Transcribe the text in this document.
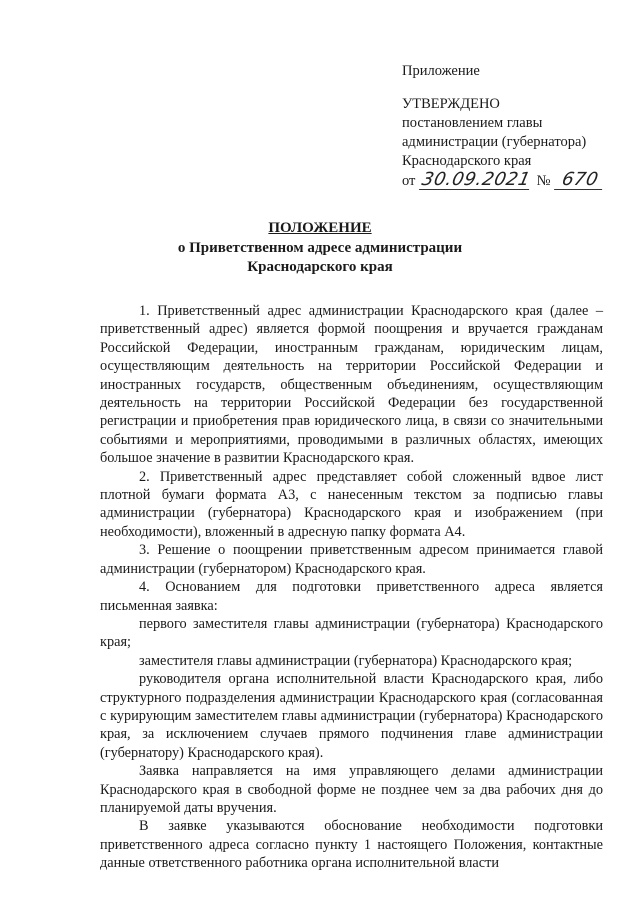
Приложение
УТВЕРЖДЕНО
постановлением главы
администрации (губернатора)
Краснодарского края
от 30.09.2021 № 670
ПОЛОЖЕНИЕ
о Приветственном адресе администрации
Краснодарского края

1. Приветственный адрес администрации Краснодарского края (далее – приветственный адрес) является формой поощрения и вручается гражданам Российской Федерации, иностранным гражданам, юридическим лицам, осуществляющим деятельность на территории Российской Федерации и иностранных государств, общественным объединениям, осуществляющим деятельность на территории Российской Федерации без государственной регистрации и приобретения прав юридического лица, в связи со значительными событиями и мероприятиями, проводимыми в различных областях, имеющих большое значение в развитии Краснодарского края.

2. Приветственный адрес представляет собой сложенный вдвое лист плотной бумаги формата А3, с нанесенным текстом за подписью главы администрации (губернатора) Краснодарского края и изображением (при необходимости), вложенный в адресную папку формата А4.

3. Решение о поощрении приветственным адресом принимается главой администрации (губернатором) Краснодарского края.

4. Основанием для подготовки приветственного адреса является письменная заявка:

первого заместителя главы администрации (губернатора) Краснодарского края;

заместителя главы администрации (губернатора) Краснодарского края;

руководителя органа исполнительной власти Краснодарского края, либо структурного подразделения администрации Краснодарского края (согласованная с курирующим заместителем главы администрации (губернатора) Краснодарского края, за исключением случаев прямого подчинения главе администрации (губернатору) Краснодарского края).

Заявка направляется на имя управляющего делами администрации Краснодарского края в свободной форме не позднее чем за два рабочих дня до планируемой даты вручения.

В заявке указываются обоснование необходимости подготовки приветственного адреса согласно пункту 1 настоящего Положения, контактные данные ответственного работника органа исполнительной власти
